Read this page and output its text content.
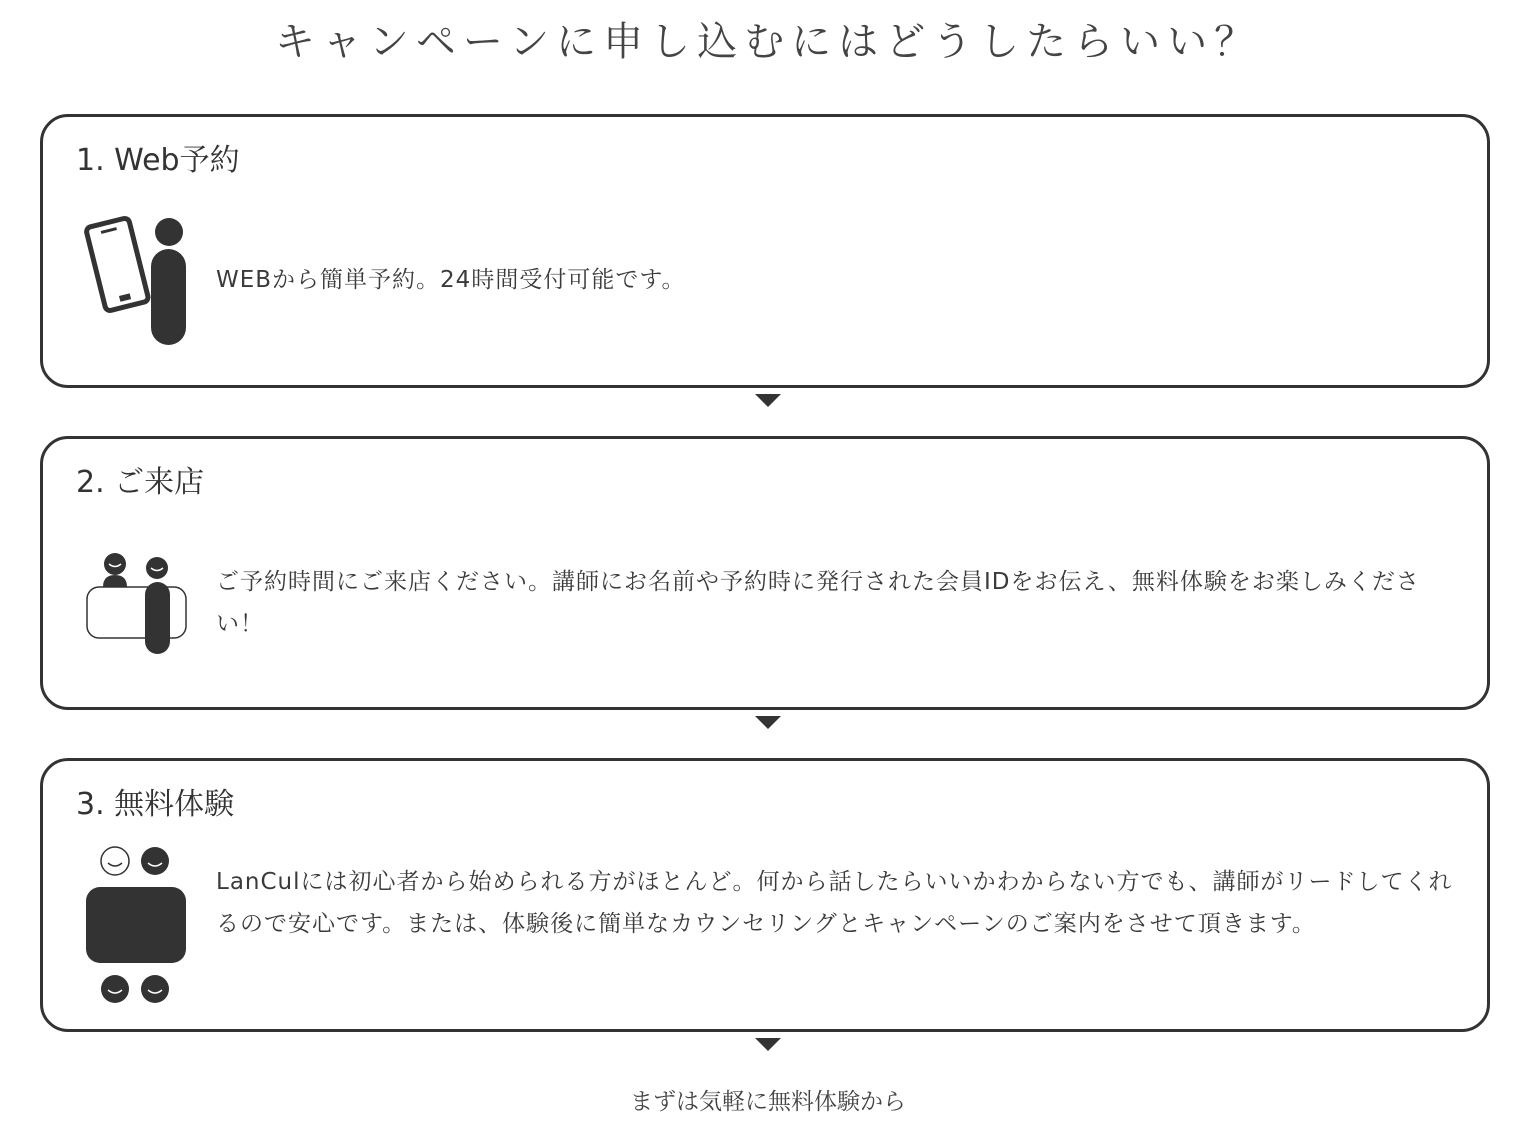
キャンペーンに申し込むにはどうしたらいい？
1. Web予約
WEBから簡単予約。24時間受付可能です。
2. ご来店
ご予約時間にご来店ください。講師にお名前や予約時に発行された会員IDをお伝え、無料体験をお楽しみください！
3. 無料体験
LanCulには初心者から始められる方がほとんど。何から話したらいいかわからない方でも、講師がリードしてくれるので安心です。または、体験後に簡単なカウンセリングとキャンペーンのご案内をさせて頂きます。
まずは気軽に無料体験から
